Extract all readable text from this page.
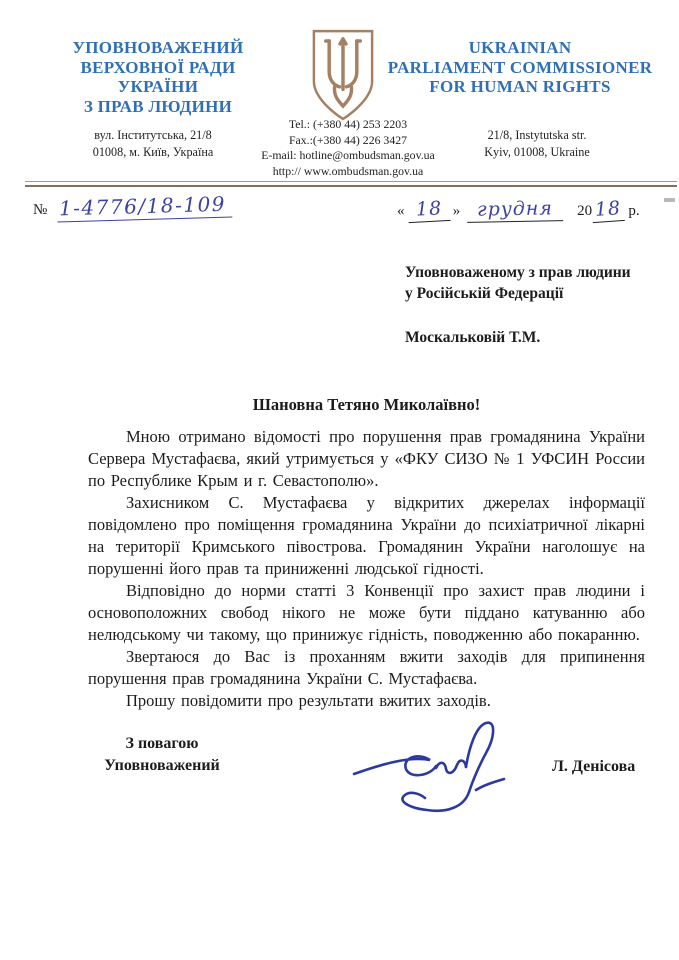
УПОВНОВАЖЕНИЙ
ВЕРХОВНОЇ РАДИ УКРАЇНИ
З ПРАВ ЛЮДИНИ
UKRAINIAN
PARLIAMENT COMMISSIONER
FOR HUMAN RIGHTS
вул. Інститутська, 21/8
01008, м. Київ, Україна
Tel.: (+380 44) 253 2203
Fax.:(+380 44) 226 3427
E-mail: hotline@ombudsman.gov.ua
http:// www.ombudsman.gov.ua
21/8, Instytutska str.
Kyiv, 01008, Ukraine
№ 1-4776/18-109	« 18 » грудня	20 18 р.
Уповноваженому з прав людини
у Російській Федерації
Москальковій Т.М.
Шановна Тетяно Миколаївно!

Мною отримано відомості про порушення прав громадянина України Сервера Мустафаєва, який утримується у «ФКУ СИЗО № 1 УФСИН России по Республике Крым и г. Севастополю».

Захисником С. Мустафаєва у відкритих джерелах інформації повідомлено про поміщення громадянина України до психіатричної лікарні на території Кримського півострова. Громадянин України наголошує на порушенні його прав та приниженні людської гідності.

Відповідно до норми статті 3 Конвенції про захист прав людини і основоположних свобод нікого не може бути піддано катуванню або нелюдському чи такому, що принижує гідність, поводженню або покаранню.

Звертаюся до Вас із проханням вжити заходів для припинення порушення прав громадянина України С. Мустафаєва.

Прошу повідомити про результати вжитих заходів.

З повагою
Уповноважений	Л. Денісова
